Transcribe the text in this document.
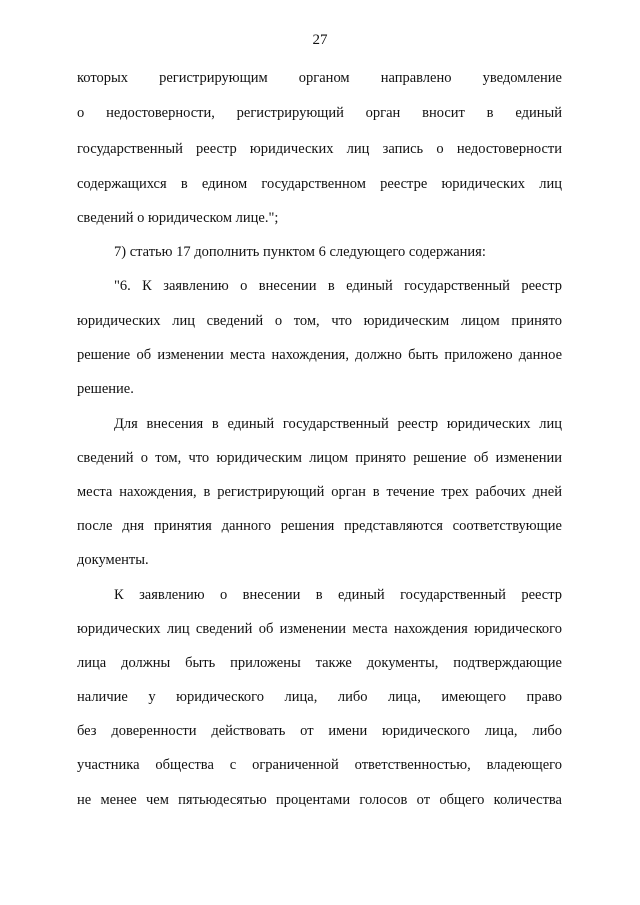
27
которых регистрирующим органом направлено уведомление
о недостоверности, регистрирующий орган вносит в единый
государственный реестр юридических лиц запись о недостоверности
содержащихся в едином государственном реестре юридических лиц
сведений о юридическом лице.";
7) статью 17 дополнить пунктом 6 следующего содержания:
"6. К заявлению о внесении в единый государственный реестр
юридических лиц сведений о том, что юридическим лицом принято
решение об изменении места нахождения, должно быть приложено данное
решение.
Для внесения в единый государственный реестр юридических лиц
сведений о том, что юридическим лицом принято решение об изменении
места нахождения, в регистрирующий орган в течение трех рабочих дней
после дня принятия данного решения представляются соответствующие
документы.
К заявлению о внесении в единый государственный реестр
юридических лиц сведений об изменении места нахождения юридического
лица должны быть приложены также документы, подтверждающие
наличие у юридического лица, либо лица, имеющего право
без доверенности действовать от имени юридического лица, либо
участника общества с ограниченной ответственностью, владеющего
не менее чем пятьюдесятью процентами голосов от общего количества
